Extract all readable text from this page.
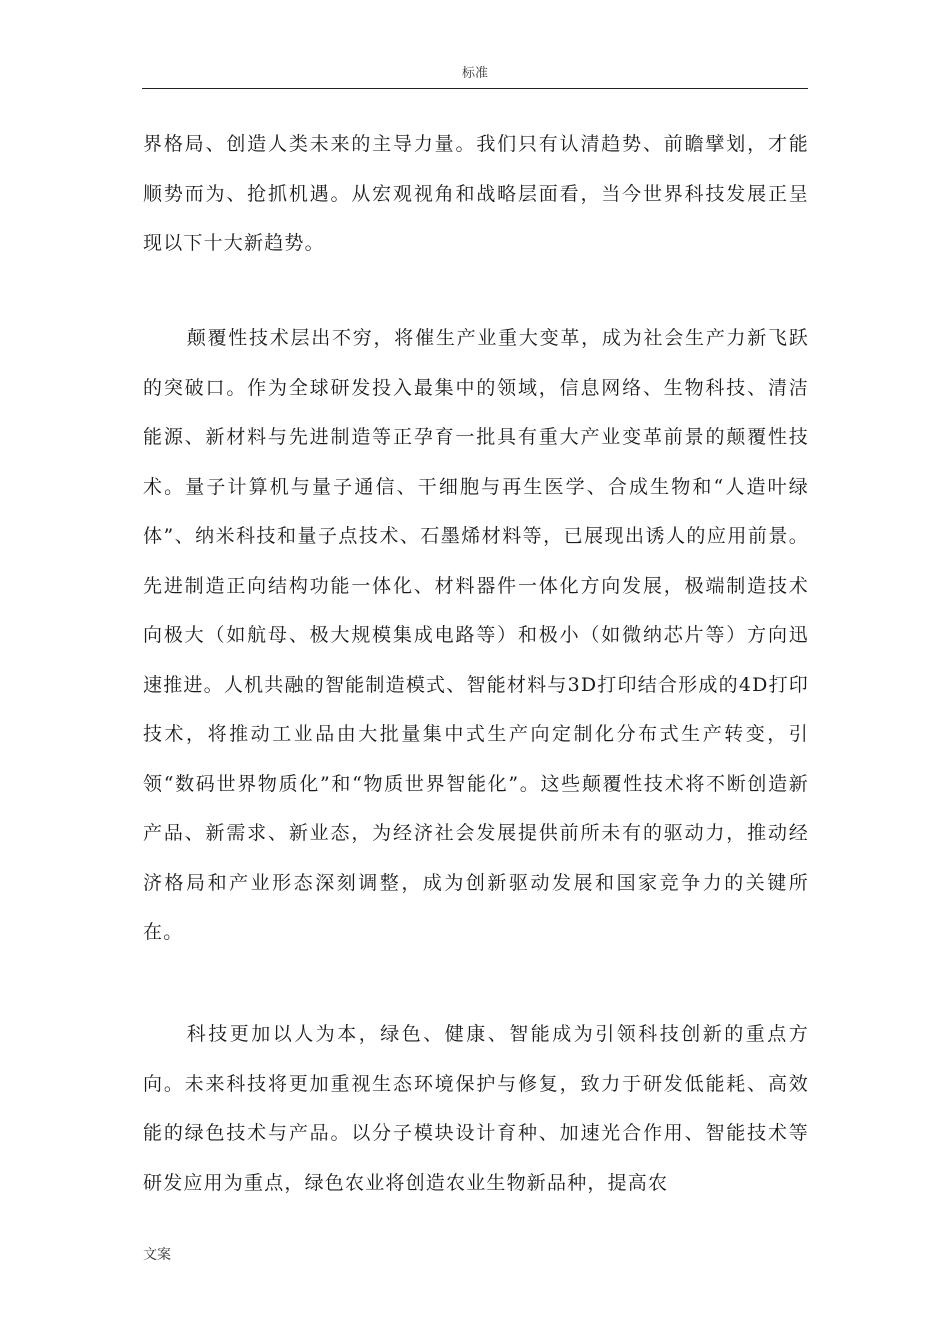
标准

界格局、创造人类未来的主导力量。我们只有认清趋势、前瞻擘划，才能顺势而为、抢抓机遇。从宏观视角和战略层面看，当今世界科技发展正呈现以下十大新趋势。

颠覆性技术层出不穷，将催生产业重大变革，成为社会生产力新飞跃的突破口。作为全球研发投入最集中的领域，信息网络、生物科技、清洁能源、新材料与先进制造等正孕育一批具有重大产业变革前景的颠覆性技术。量子计算机与量子通信、干细胞与再生医学、合成生物和“人造叶绿体”、纳米科技和量子点技术、石墨烯材料等，已展现出诱人的应用前景。先进制造正向结构功能一体化、材料器件一体化方向发展，极端制造技术向极大（如航母、极大规模集成电路等）和极小（如微纳芯片等）方向迅速推进。人机共融的智能制造模式、智能材料与3D打印结合形成的4D打印技术，将推动工业品由大批量集中式生产向定制化分布式生产转变，引领“数码世界物质化”和“物质世界智能化”。这些颠覆性技术将不断创造新产品、新需求、新业态，为经济社会发展提供前所未有的驱动力，推动经济格局和产业形态深刻调整，成为创新驱动发展和国家竞争力的关键所在。

科技更加以人为本，绿色、健康、智能成为引领科技创新的重点方向。未来科技将更加重视生态环境保护与修复，致力于研发低能耗、高效能的绿色技术与产品。以分子模块设计育种、加速光合作用、智能技术等研发应用为重点，绿色农业将创造农业生物新品种，提高农

文案
